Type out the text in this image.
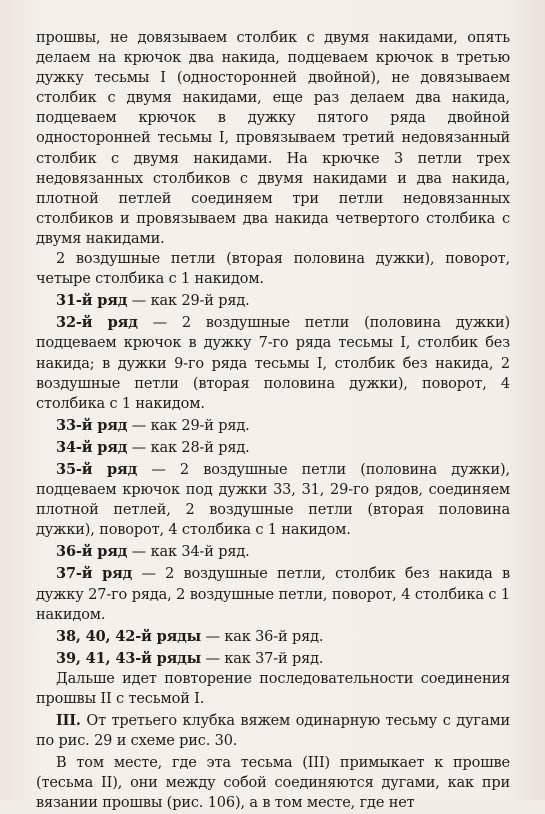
прошвы, не довязываем столбик с двумя накидами, опять делаем на крючок два накида, подцеваем крючок в третью дужку тесьмы I (односторонней двойной), не довязываем столбик с двумя накидами, еще раз делаем два накида, подцеваем крючок в дужку пятого ряда двойной односторонней тесьмы I, провязываем третий недовязанный столбик с двумя накидами. На крючке 3 петли трех недовязанных столбиков с двумя накидами и два накида, плотной петлей соединяем три петли недовязанных столбиков и провязываем два накида четвертого столбика с двумя накидами.

2 воздушные петли (вторая половина дужки), поворот, четыре столбика с 1 накидом.

31-й ряд — как 29-й ряд.

32-й ряд — 2 воздушные петли (половина дужки) подцеваем крючок в дужку 7-го ряда тесьмы I, столбик без накида; в дужки 9-го ряда тесьмы I, столбик без накида, 2 воздушные петли (вторая половина дужки), поворот, 4 столбика с 1 накидом.

33-й ряд — как 29-й ряд.

34-й ряд — как 28-й ряд.

35-й ряд — 2 воздушные петли (половина дужки), подцеваем крючок под дужки 33, 31, 29-го рядов, соединяем плотной петлей, 2 воздушные петли (вторая половина дужки), поворот, 4 столбика с 1 накидом.

36-й ряд — как 34-й ряд.

37-й ряд — 2 воздушные петли, столбик без накида в дужку 27-го ряда, 2 воздушные петли, поворот, 4 столбика с 1 накидом.

38, 40, 42-й ряды — как 36-й ряд.

39, 41, 43-й ряды — как 37-й ряд.

Дальше идет повторение последовательности соединения прошвы II с тесьмой I.

III. От третьего клубка вяжем одинарную тесьму с дугами по рис. 29 и схеме рис. 30.

В том месте, где эта тесьма (III) примыкает к прошве (тесьма II), они между собой соединяются дугами, как при вязании прошвы (рис. 106), а в том месте, где нет
